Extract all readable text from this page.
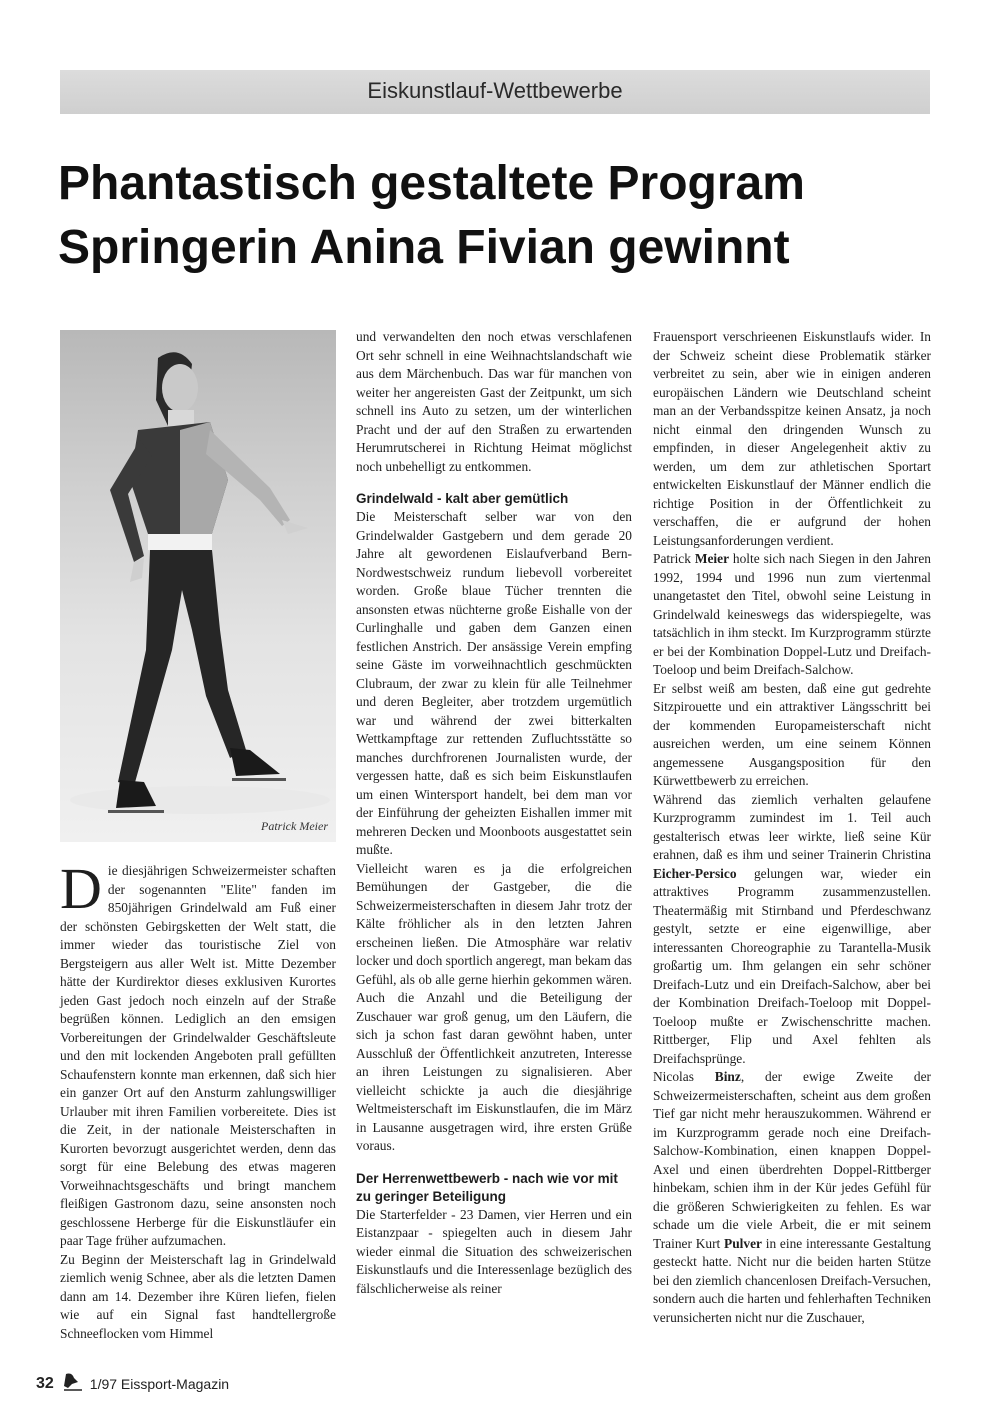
Eiskunstlauf-Wettbewerbe
Phantastisch gestaltete Program
Springerin Anina Fivian gewinnt
Patrick Meier

Die diesjährigen Schweizermeister schaften der sogenannten "Elite" fanden im 850jährigen Grindelwald am Fuß einer der schönsten Gebirgsketten der Welt statt, die immer wieder das touristische Ziel von Bergsteigern aus aller Welt ist. Mitte Dezember hätte der Kurdirektor dieses exklusiven Kurortes jeden Gast jedoch noch einzeln auf der Straße begrüßen können. Lediglich an den emsigen Vorbereitungen der Grindelwalder Geschäftsleute und den mit lockenden Angeboten prall gefüllten Schaufenstern konnte man erkennen, daß sich hier ein ganzer Ort auf den Ansturm zahlungswilliger Urlauber mit ihren Familien vorbereitete. Dies ist die Zeit, in der nationale Meisterschaften in Kurorten bevorzugt ausgerichtet werden, denn das sorgt für eine Belebung des etwas mageren Vorweihnachtsgeschäfts und bringt manchem fleißigen Gastronom dazu, seine ansonsten noch geschlossene Herberge für die Eiskunstläufer ein paar Tage früher aufzumachen.

Zu Beginn der Meisterschaft lag in Grindelwald ziemlich wenig Schnee, aber als die letzten Damen dann am 14. Dezember ihre Küren liefen, fielen wie auf ein Signal fast handtellergroße Schneeflocken vom Himmel

und verwandelten den noch etwas verschlafenen Ort sehr schnell in eine Weihnachtslandschaft wie aus dem Märchenbuch. Das war für manchen von weiter her angereisten Gast der Zeitpunkt, um sich schnell ins Auto zu setzen, um der winterlichen Pracht und der auf den Straßen zu erwartenden Herumrutscherei in Richtung Heimat möglichst noch unbehelligt zu entkommen.

Grindelwald - kalt aber gemütlich

Die Meisterschaft selber war von den Grindelwalder Gastgebern und dem gerade 20 Jahre alt gewordenen Eislaufverband Bern-Nordwestschweiz rundum liebevoll vorbereitet worden. Große blaue Tücher trennten die ansonsten etwas nüchterne große Eishalle von der Curlinghalle und gaben dem Ganzen einen festlichen Anstrich. Der ansässige Verein empfing seine Gäste im vorweihnachtlich geschmückten Clubraum, der zwar zu klein für alle Teilnehmer und deren Begleiter, aber trotzdem urgemütlich war und während der zwei bitterkalten Wettkampftage zur rettenden Zufluchtsstätte so manches durchfrorenen Journalisten wurde, der vergessen hatte, daß es sich beim Eiskunstlaufen um einen Wintersport handelt, bei dem man vor der Einführung der geheizten Eishallen immer mit mehreren Decken und Moonboots ausgestattet sein mußte.

Vielleicht waren es ja die erfolgreichen Bemühungen der Gastgeber, die die Schweizermeisterschaften in diesem Jahr trotz der Kälte fröhlicher als in den letzten Jahren erscheinen ließen. Die Atmosphäre war relativ locker und doch sportlich angeregt, man bekam das Gefühl, als ob alle gerne hierhin gekommen wären. Auch die Anzahl und die Beteiligung der Zuschauer war groß genug, um den Läufern, die sich ja schon fast daran gewöhnt haben, unter Ausschluß der Öffentlichkeit anzutreten, Interesse an ihren Leistungen zu signalisieren. Aber vielleicht schickte ja auch die diesjährige Weltmeisterschaft im Eiskunstlaufen, die im März in Lausanne ausgetragen wird, ihre ersten Grüße voraus.

Der Herrenwettbewerb - nach wie vor mit zu geringer Beteiligung

Die Starterfelder - 23 Damen, vier Herren und ein Eistanzpaar - spiegelten auch in diesem Jahr wieder einmal die Situation des schweizerischen Eiskunstlaufs und die Interessenlage bezüglich des fälschlicherweise als reiner

Frauensport verschrieenen Eiskunstlaufs wider. In der Schweiz scheint diese Problematik stärker verbreitet zu sein, aber wie in einigen anderen europäischen Ländern wie Deutschland scheint man an der Verbandsspitze keinen Ansatz, ja noch nicht einmal den dringenden Wunsch zu empfinden, in dieser Angelegenheit aktiv zu werden, um dem zur athletischen Sportart entwickelten Eiskunstlauf der Männer endlich die richtige Position in der Öffentlichkeit zu verschaffen, die er aufgrund der hohen Leistungsanforderungen verdient.

Patrick Meier holte sich nach Siegen in den Jahren 1992, 1994 und 1996 nun zum viertenmal unangetastet den Titel, obwohl seine Leistung in Grindelwald keineswegs das widerspiegelte, was tatsächlich in ihm steckt. Im Kurzprogramm stürzte er bei der Kombination Doppel-Lutz und Dreifach-Toeloop und beim Dreifach-Salchow.

Er selbst weiß am besten, daß eine gut gedrehte Sitzpirouette und ein attraktiver Längsschritt bei der kommenden Europameisterschaft nicht ausreichen werden, um eine seinem Können angemessene Ausgangsposition für den Kürwettbewerb zu erreichen.

Während das ziemlich verhalten gelaufene Kurzprogramm zumindest im 1. Teil auch gestalterisch etwas leer wirkte, ließ seine Kür erahnen, daß es ihm und seiner Trainerin Christina Eicher-Persico gelungen war, wieder ein attraktives Programm zusammenzustellen. Theatermäßig mit Stirnband und Pferdeschwanz gestylt, setzte er eine eigenwillige, aber interessanten Choreographie zu Tarantella-Musik großartig um. Ihm gelangen ein sehr schöner Dreifach-Lutz und ein Dreifach-Salchow, aber bei der Kombination Dreifach-Toeloop mit Doppel-Toeloop mußte er Zwischenschritte machen. Rittberger, Flip und Axel fehlten als Dreifachsprünge.

Nicolas Binz, der ewige Zweite der Schweizermeisterschaften, scheint aus dem großen Tief gar nicht mehr herauszukommen. Während er im Kurzprogramm gerade noch eine Dreifach-Salchow-Kombination, einen knappen Doppel-Axel und einen überdrehten Doppel-Rittberger hinbekam, schien ihm in der Kür jedes Gefühl für die größeren Schwierigkeiten zu fehlen. Es war schade um die viele Arbeit, die er mit seinem Trainer Kurt Pulver in eine interessante Gestaltung gesteckt hatte. Nicht nur die beiden harten Stütze bei den ziemlich chancenlosen Dreifach-Versuchen, sondern auch die harten und fehlerhaften Techniken verunsicherten nicht nur die Zuschauer,

32	1/97 Eissport-Magazin
